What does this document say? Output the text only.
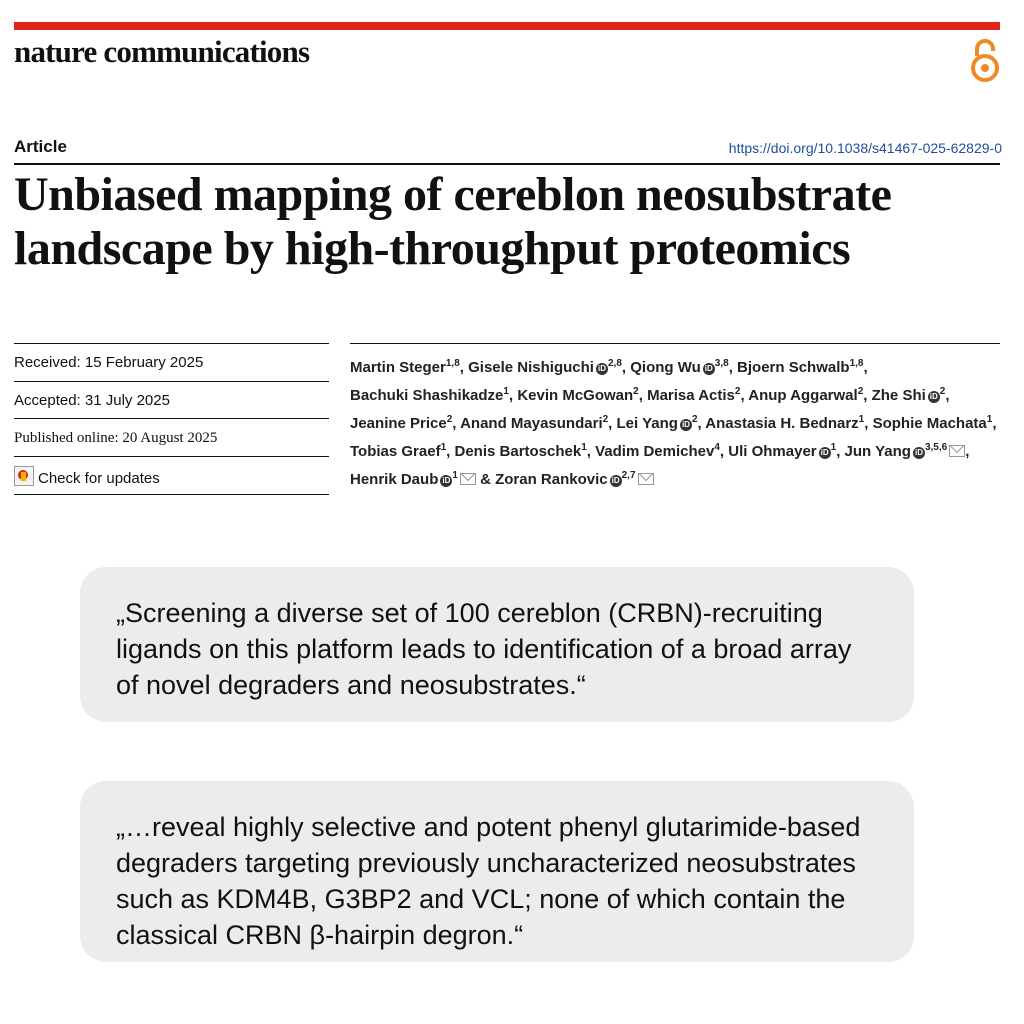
nature communications
Article	https://doi.org/10.1038/s41467-025-62829-0
Unbiased mapping of cereblon neosubstrate
landscape by high-throughput proteomics
Received: 15 February 2025
Accepted: 31 July 2025
Published online: 20 August 2025
Check for updates
Martin Steger$^{1,8}$, Gisele Nishiguchi iD $^{2,8}$, Qiong Wu iD $^{3,8}$, Bjoern Schwalb$^{1,8}$, Bachuki Shashikadze$^1$, Kevin McGowan$^2$, Marisa Actis$^2$, Anup Aggarwal$^2$, Zhe Shi iD $^2$, Jeanine Price$^2$, Anand Mayasundari$^2$, Lei Yang iD $^2$, Anastasia H. Bednarz$^1$, Sophie Machata$^1$, Tobias Graef$^1$, Denis Bartoschek$^1$, Vadim Demichev$^4$, Uli Ohmayer iD $^1$, Jun Yang iD $^{3,5,6}$ , Henrik Daub iD $^1$ & Zoran Rankovic iD $^{2,7}$
„Screening a diverse set of 100 cereblon (CRBN)-recruiting ligands on this platform leads to identification of a broad array of novel degraders and neosubstrates.“
„…reveal highly selective and potent phenyl glutarimide-based degraders targeting previously uncharacterized neosubstrates such as KDM4B, G3BP2 and VCL; none of which contain the classical CRBN β-hairpin degron.“
